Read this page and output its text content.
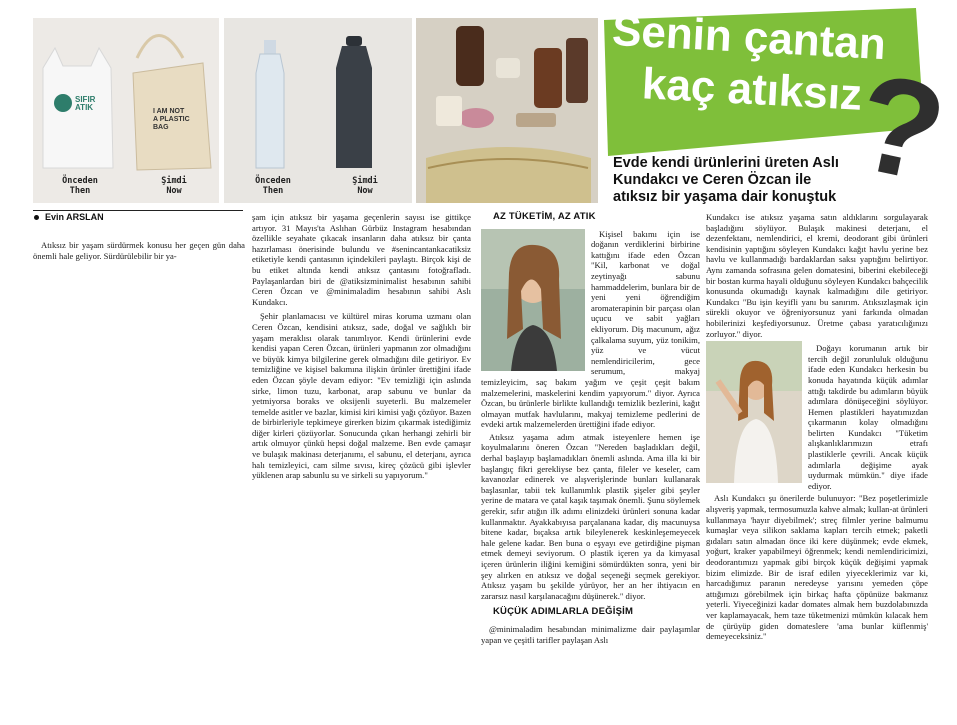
SIFIR
ATIK	I AM NOT
A PLASTIC
BAG
Önceden
Then
Şimdi
Now
Önceden
Then
Şimdi
Now
Senin çantan
kaç atıksız
?
Evde kendi ürünlerini üreten Aslı Kundakcı ve Ceren Özcan ile atıksız bir yaşama dair konuştuk
Evin ARSLAN

Atıksız bir yaşam sürdürmek konusu her geçen gün daha önemli hale geliyor. Sürdürülebilir bir ya-

şam için atıksız bir yaşama geçenlerin sayısı ise gittikçe artıyor. 31 Mayıs'ta Aslıhan Gürbüz Instagram hesabından özellikle seyahate çıkacak insanların daha atıksız bir çanta hazırlaması önerisinde bulundu ve #senincantankacatiksiz etiketiyle kendi çantasının içindekileri paylaştı. Birçok kişi de bu etiket altında kendi atıksız çantasını fotoğrafladı. Paylaşanlardan biri de @atiksizminimalist hesabının sahibi Ceren Özcan ve @minimaladim hesabının sahibi Aslı Kundakcı.

Şehir planlamacısı ve kültürel miras koruma uzmanı olan Ceren Özcan, kendisini atıksız, sade, doğal ve sağlıklı bir yaşam meraklısı olarak tanımlıyor. Kendi ürünlerini evde kendisi yapan Ceren Özcan, ürünleri yapmanın zor olmadığını ve büyük kimya bilgilerine gerek olmadığını dile getiriyor. Ev temizliğine ve kişisel bakımına ilişkin ürünler ürettiğini ifade eden Özcan şöyle devam ediyor: "Ev temizliği için aslında sirke, limon tuzu, karbonat, arap sabunu ve bunlar da yetmiyorsa boraks ve oksijenli suyeterli. Bu malzemeler temelde asitler ve bazlar, kimisi kiri kimisi yağı çözüyor. Bazen de birbirleriyle tepkimeye girerken bizim çıkarmak istediğimiz diğer kirleri çözüyorlar. Sonucunda çıkan herhangi zehirli bir artık olmuyor çünkü hepsi doğal malzeme. Ben evde çamaşır ve bulaşık makinası deterjanımı, el sabunu, el deterjanı, ayrıca halı temizleyici, cam silme sıvısı, kireç çözücü gibi işlevler yüklenen arap sabunlu su ve sirkeli su yapıyorum."

AZ TÜKETİM, AZ ATIK

Kişisel bakımı için ise doğanın verdiklerini birbirine kattığını ifade eden Özcan "Kil, karbonat ve doğal zeytinyağı sabunu hammaddelerim, bunlara bir de yeni yeni öğrendiğim aromaterapinin bir parçası olan uçucu ve sabit yağları ekliyorum. Diş macunum, ağız çalkalama suyum, yüz tonikim, yüz ve vücut nemlendiricilerim, gece serumum, makyaj temizleyicim, saç bakım yağım ve çeşit çeşit bakım malzemelerini, maskelerini kendim yapıyorum." diyor. Ayrıca Özcan, bu ürünlerle birlikte kullandığı temizlik bezlerini, kağıt olmayan mutfak havlularını, makyaj temizleme pedlerini de evdeki artık malzemelerden ürettiğini ifade ediyor.

Atıksız yaşama adım atmak isteyenlere hemen işe koyulmalarını öneren Özcan "Nereden başladıkları değil, derhal başlayıp başlamadıkları önemli aslında. Ama illa ki bir başlangıç fikri gerekliyse bez çanta, fileler ve keseler, cam kavanozlar edinerek ve alışverişlerinde bunları kullanarak başlasınlar, tabii tek kullanımlık plastik şişeler gibi şeyler yerine de matara ve çatal kaşık taşımak önemli. Şunu söylemek gerekir, sıfır atığın ilk adımı elinizdeki ürünleri sonuna kadar kullanmaktır. Ayakkabıyısa parçalanana kadar, diş macunuysa bitene kadar, bıçaksa artık bileylenerek keskinleşemeyecek hale gelene kadar. Ben buna o eşyayı eve getirdiğine pişman etmek demeyi seviyorum. O plastik içeren ya da kimyasal içeren ürünlerin iliğini kemiğini sömürdükten sonra, yeni bir şey alırken en atıksız ve doğal seçeneği seçmek gerekiyor. Atıksız yaşam bu şekilde yürüyor, her an her ihtiyacın en zararsız nasıl karşılanacağını düşünerek." diyor.

KÜÇÜK ADIMLARLA DEĞİŞİM

@minimaladim hesabından minimalizme dair paylaşımlar yapan ve çeşitli tarifler paylaşan Aslı

Kundakcı ise atıksız yaşama satın aldıklarını sorgulayarak başladığını söylüyor. Bulaşık makinesi deterjanı, el dezenfektanı, nemlendirici, el kremi, deodorant gibi ürünleri kendisinin yaptığını söyleyen Kundakcı kağıt havlu yerine bez havlu ve kullanmadığı bardaklardan saksı yaptığını belirtiyor. Aynı zamanda sofrasına gelen domatesini, biberini ekebileceği bir bostan kurma hayali olduğunu söyleyen Kundakcı bahçecilik konusunda okumadığı kaynak kalmadığını dile getiriyor. Kundakcı "Bu işin keyifli yanı bu sanırım. Atıksızlaşmak için sürekli okuyor ve öğreniyorsunuz yani farkında olmadan hobilerinizi keşfediyorsunuz. Üretme çabası yaratıcılığınızı zorluyor." diyor.

Doğayı korumanın artık bir tercih değil zorunluluk olduğunu ifade eden Kundakcı herkesin bu konuda hayatında küçük adımlar attığı takdirde bu adımların büyük adımlara dönüşeceğini söylüyor. Hemen plastikleri hayatımızdan çıkarmanın kolay olmadığını belirten Kundakcı "Tüketim alışkanlıklarımızın etrafı plastiklerle çevrili. Ancak küçük adımlarla değişime ayak uydurmak mümkün." diye ifade ediyor.

Aslı Kundakcı şu önerilerde bulunuyor: "Bez poşetlerimizle alışveriş yapmak, termosumuzla kahve almak; kullan-at ürünleri kullanmaya 'hayır diyebilmek'; streç filmler yerine balmumu kumaşlar veya silikon saklama kapları tercih etmek; paketli gıdaları satın almadan önce iki kere düşünmek; evde ekmek, yoğurt, kraker yapabilmeyi öğrenmek; kendi nemlendiricimizi, deodorantımızı yapmak gibi birçok küçük değişimi yapmak bizim elimizde. Bir de israf edilen yiyeceklerimiz var ki, harcadığımız paranın neredeyse yarısını yemeden çöpe attığımızı görebilmek için birkaç hafta çöpünüze bakmanız yeterli. Yiyeceğinizi kadar domates almak hem buzdolabınızda ver kaplamayacak, hem taze tüketmenizi mümkün kılacak hem de çürüyüp giden domateslere 'ama bunlar küflenmiş' demeyeceksiniz."
